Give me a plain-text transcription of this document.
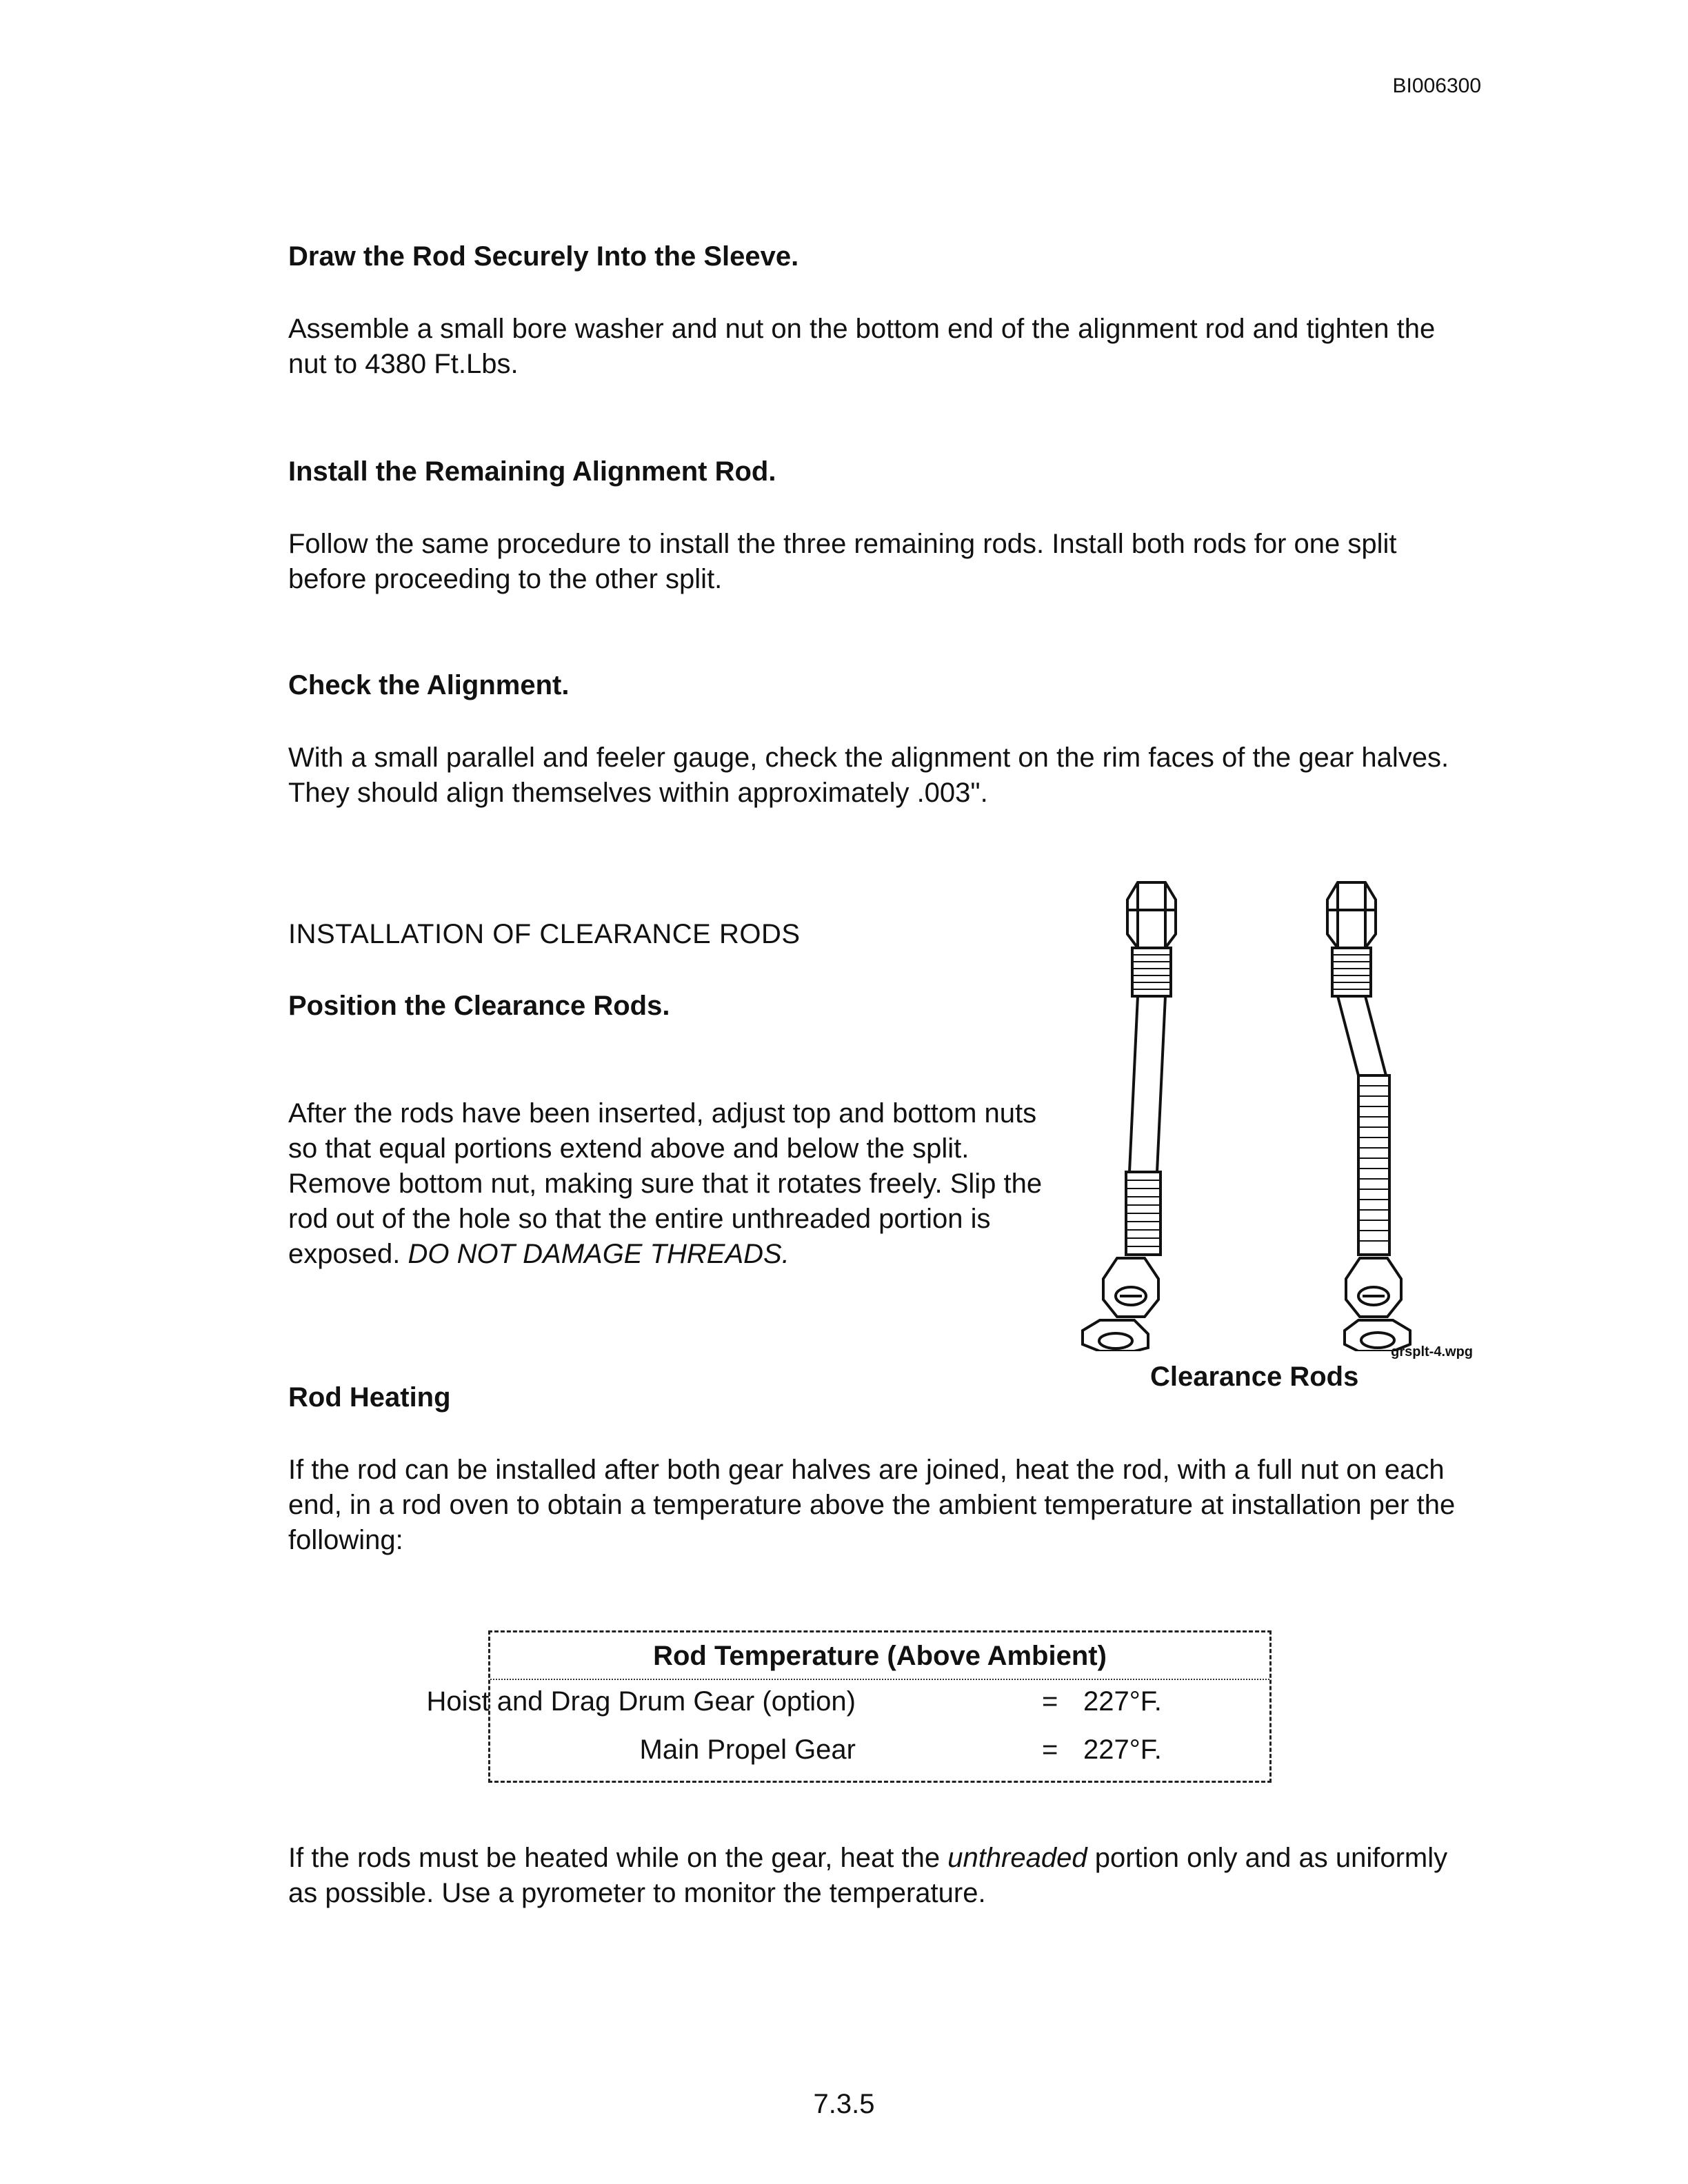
BI006300
Draw the Rod Securely Into the Sleeve.
Assemble a small bore washer and nut on the bottom end of the alignment rod and tighten the nut to 4380 Ft.Lbs.
Install the Remaining Alignment Rod.
Follow the same procedure to install the three remaining rods. Install both rods for one split before proceeding to the other split.
Check the Alignment.
With a small parallel and feeler gauge, check the alignment on the rim faces of the gear halves. They should align themselves within approximately .003".
INSTALLATION OF CLEARANCE RODS
Position the Clearance Rods.
After the rods have been inserted, adjust top and bottom nuts so that equal portions extend above and below the split. Remove bottom nut, making sure that it rotates freely. Slip the rod out of the hole so that the entire unthreaded portion is exposed. DO NOT DAMAGE THREADS.
grsplt-4.wpg
Clearance Rods
Rod Heating
If the rod can be installed after both gear halves are joined, heat the rod, with a full nut on each end, in a rod oven to obtain a temperature above the ambient temperature at installation per the following:
Rod Temperature (Above Ambient)
Hoist and Drag Drum Gear (option)	= 227°F.
Main Propel Gear	= 227°F.
If the rods must be heated while on the gear, heat the unthreaded portion only and as uniformly as possible. Use a pyrometer to monitor the temperature.
7.3.5
